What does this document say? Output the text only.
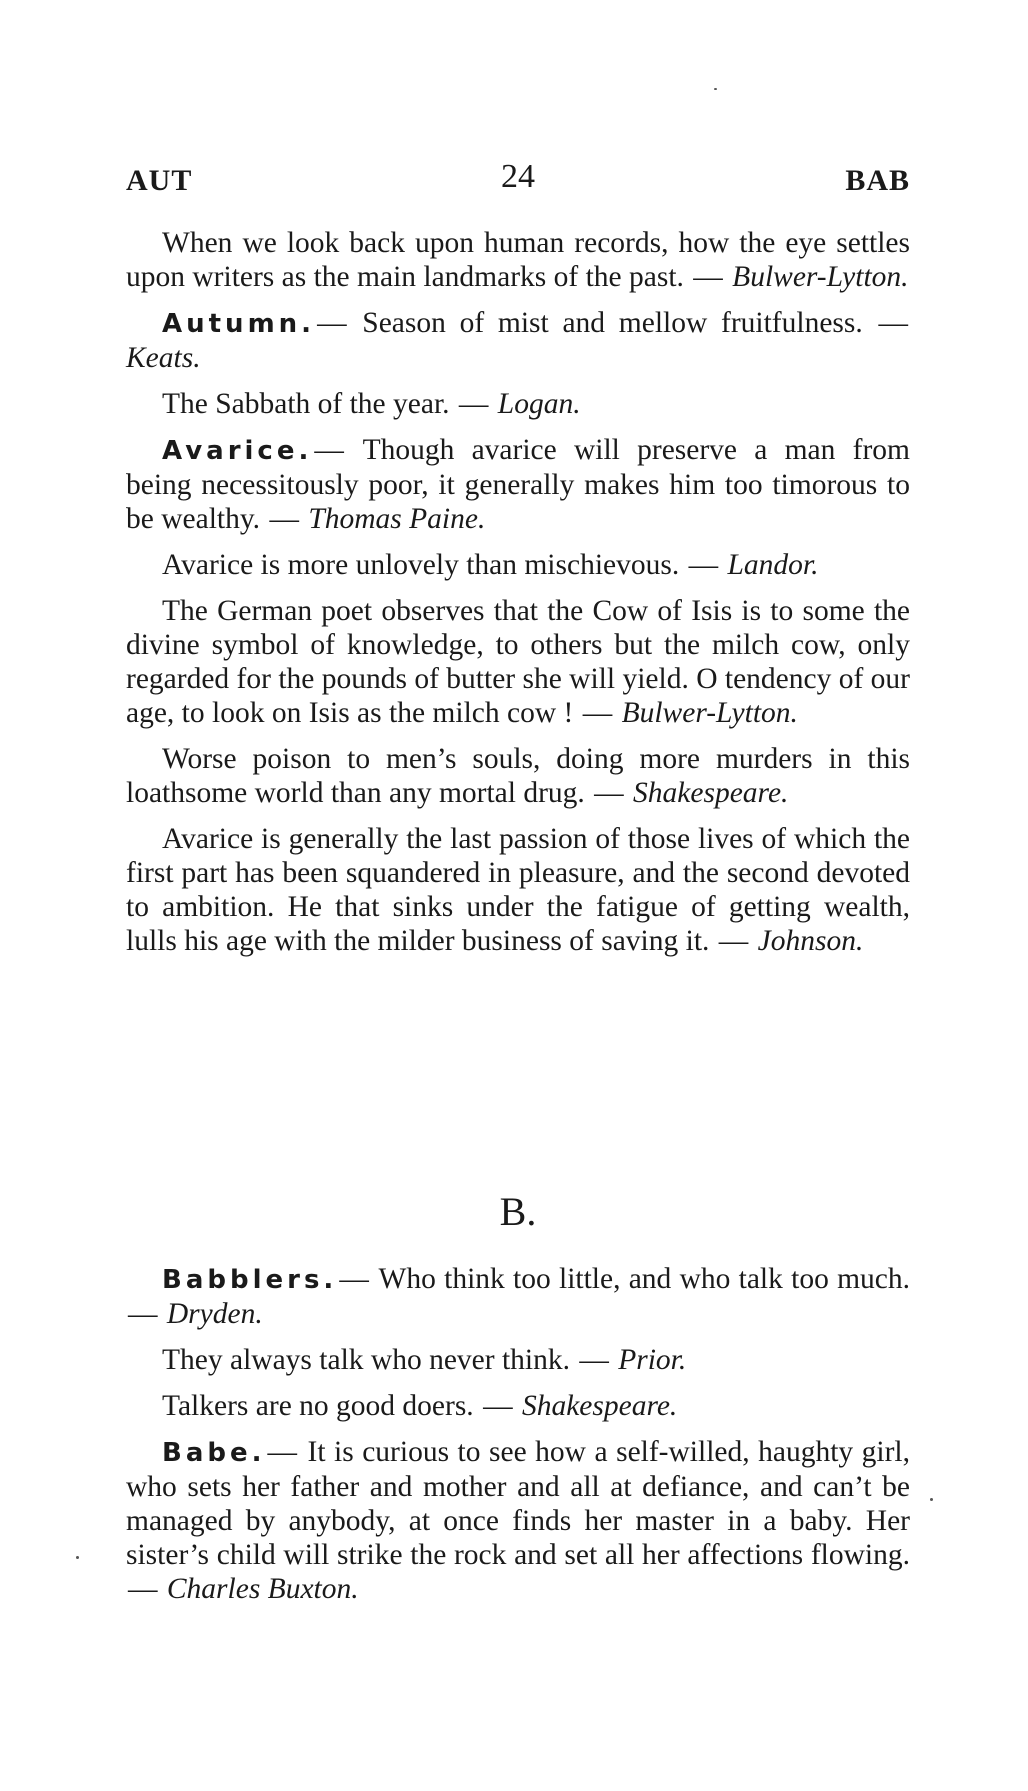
AUT	24	BAB

When we look back upon human records, how the eye settles upon writers as the main landmarks of the past. — Bulwer-Lytton.

Autumn.— Season of mist and mellow fruitfulness. — Keats.

The Sabbath of the year. — Logan.

Avarice.— Though avarice will preserve a man from being necessitously poor, it generally makes him too timorous to be wealthy. — Thomas Paine.

Avarice is more unlovely than mischievous. — Landor.

The German poet observes that the Cow of Isis is to some the divine symbol of knowledge, to others but the milch cow, only regarded for the pounds of butter she will yield. O tendency of our age, to look on Isis as the milch cow ! — Bulwer-Lytton.

Worse poison to men’s souls, doing more murders in this loathsome world than any mortal drug. — Shakespeare.

Avarice is generally the last passion of those lives of which the first part has been squandered in pleasure, and the second devoted to ambition. He that sinks under the fatigue of getting wealth, lulls his age with the milder business of saving it. — Johnson.

B.

Babblers.— Who think too little, and who talk too much. — Dryden.

They always talk who never think. — Prior.

Talkers are no good doers. — Shakespeare.

Babe.— It is curious to see how a self-willed, haughty girl, who sets her father and mother and all at defiance, and can’t be managed by anybody, at once finds her master in a baby. Her sister’s child will strike the rock and set all her affections flowing. — Charles Buxton.
